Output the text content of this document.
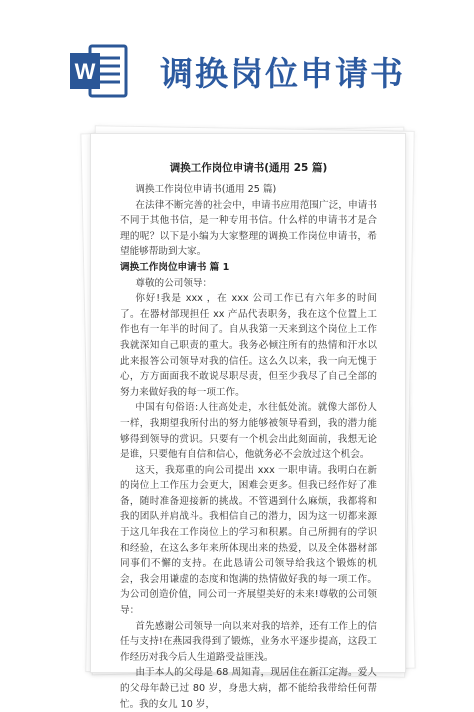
W 调换岗位申请书
调换工作岗位申请书(通用 25 篇)

调换工作岗位申请书(通用 25 篇)

在法律不断完善的社会中，申请书应用范围广泛，申请书不同于其他书信，是一种专用书信。什么样的申请书才是合理的呢？以下是小编为大家整理的调换工作岗位申请书，希望能够帮助到大家。

调换工作岗位申请书 篇 1

尊敬的公司领导：

你好!我是 xxx ，在 xxx 公司工作已有六年多的时间了。在器材部现担任 xx 产品代表职务，我在这个位置上工作也有一年半的时间了。自从我第一天来到这个岗位上工作我就深知自己职责的重大。我务必倾注所有的热情和汗水以此来报答公司领导对我的信任。这么久以来，我一向无愧于心，方方面面我不敢说尽职尽责，但至少我尽了自己全部的努力来做好我的每一项工作。

中国有句俗语:人往高处走，水往低处流。就像大部份人一样，我期望我所付出的努力能够被领导看到，我的潜力能够得到领导的赏识。只要有一个机会出此刻面前，我想无论是谁，只要他有自信和信心，他就务必不会放过这个机会。

这天，我郑重的向公司提出 xxx 一职申请。我明白在新的岗位上工作压力会更大，困难会更多。但我已经作好了准备，随时准备迎接新的挑战。不管遇到什么麻烦，我都将和我的团队并肩战斗。我相信自己的潜力，因为这一切都来源于这几年我在工作岗位上的学习和积累。自己所拥有的学识和经验，在这么多年来所体现出来的热爱，以及全体器材部同事们不懈的支持。在此恳请公司领导给我这个锻炼的机会，我会用谦虚的态度和饱满的热情做好我的每一项工作。为公司创造价值，同公司一齐展望美好的未来!尊敬的公司领导：

首先感谢公司领导一向以来对我的培养，还有工作上的信任与支持!在燕园我得到了锻炼，业务水平逐步提高，这段工作经历对我今后人生道路受益匪浅。

由于本人的父母是 68 周知青，现居住在新江定海。爱人的父母年龄已过 80 岁，身患大病，都不能给我带给任何帮忙。我的女儿 10 岁，
